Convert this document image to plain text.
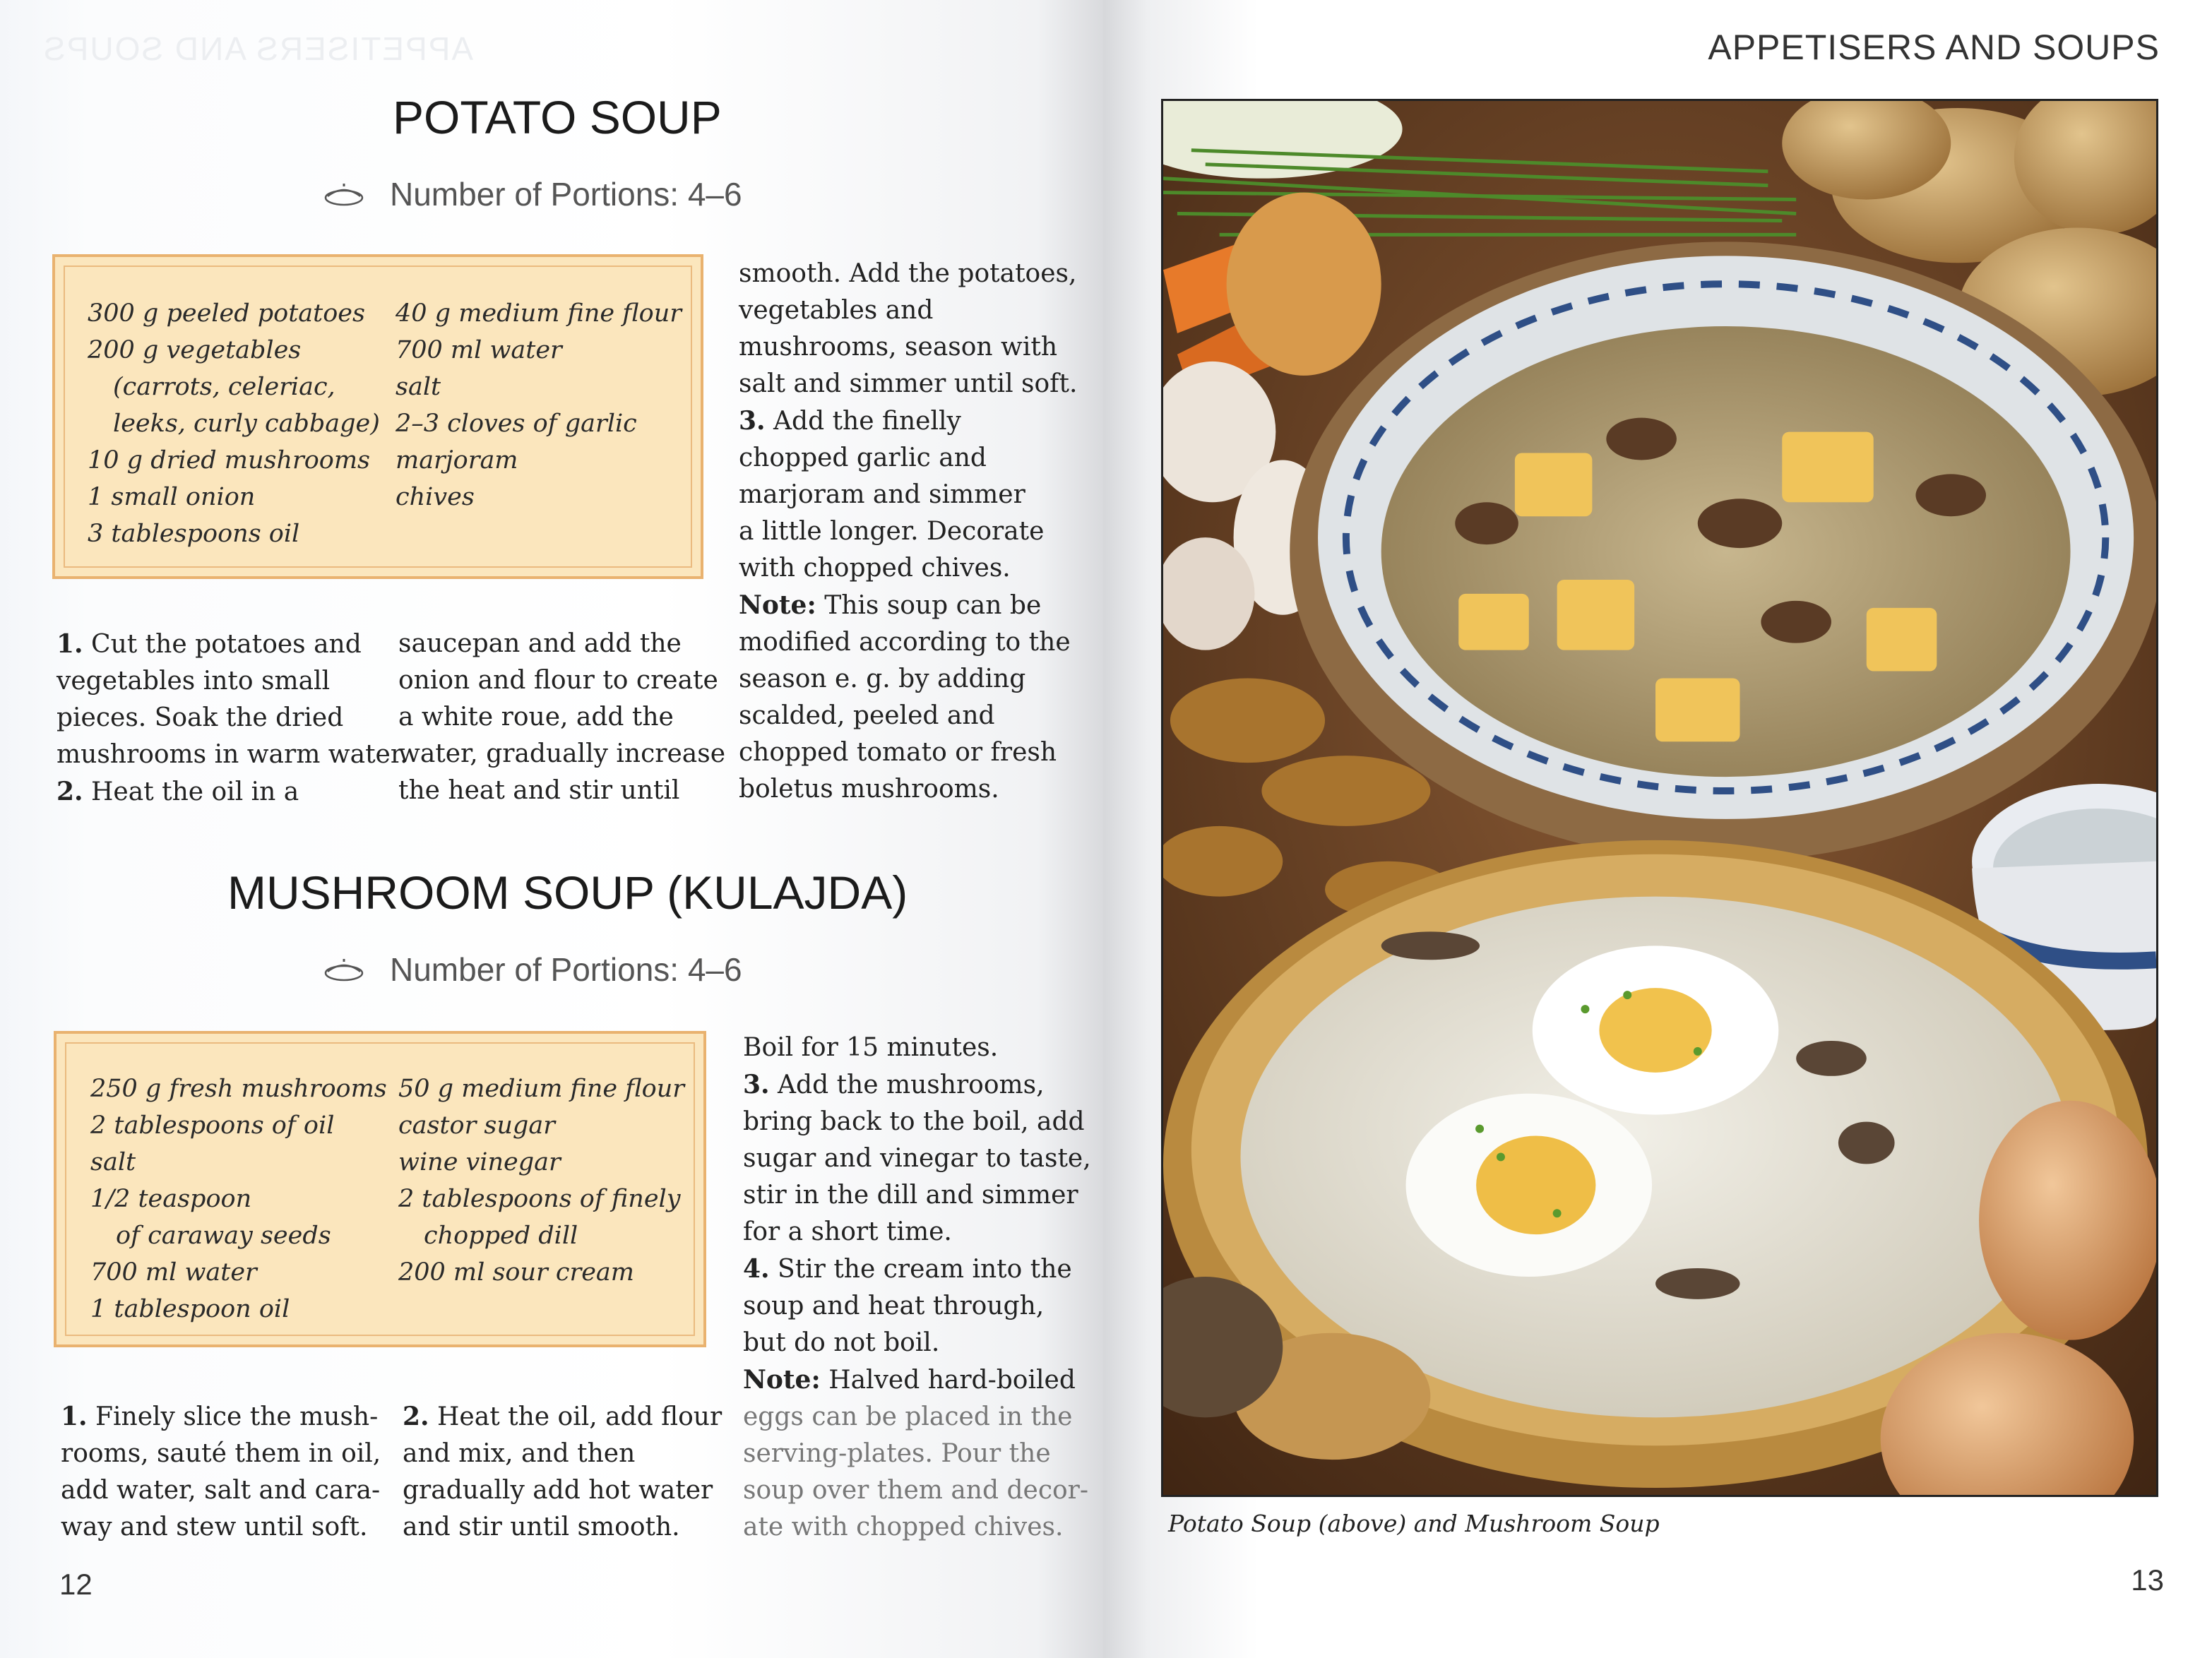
APPETISERS AND SOUPS
POTATO SOUP
Number of Portions: 4–6
300 g peeled potatoes
200 g vegetables
(carrots, celeriac,
leeks, curly cabbage)
10 g dried mushrooms
1 small onion
3 tablespoons oil
40 g medium fine flour
700 ml water
salt
2–3 cloves of garlic
marjoram
chives
1. Cut the potatoes and
vegetables into small
pieces. Soak the dried
mushrooms in warm water.
2. Heat the oil in a
saucepan and add the
onion and flour to create
a white roue, add the
water, gradually increase
the heat and stir until
smooth. Add the potatoes,
vegetables and
mushrooms, season with
salt and simmer until soft.
3. Add the finelly
chopped garlic and
marjoram and simmer
a little longer. Decorate
with chopped chives.
Note: This soup can be
modified according to the
season e. g. by adding
scalded, peeled and
chopped tomato or fresh
boletus mushrooms.
MUSHROOM SOUP (KULAJDA)
Number of Portions: 4–6
250 g fresh mushrooms
2 tablespoons of oil
salt
1/2 teaspoon
of caraway seeds
700 ml water
1 tablespoon oil
50 g medium fine flour
castor sugar
wine vinegar
2 tablespoons of finely
chopped dill
200 ml sour cream
1. Finely slice the mush-
rooms, sauté them in oil,
add water, salt and cara-
way and stew until soft.
2. Heat the oil, add flour
and mix, and then
gradually add hot water
and stir until smooth.
Boil for 15 minutes.
3. Add the mushrooms,
bring back to the boil, add
sugar and vinegar to taste,
stir in the dill and simmer
for a short time.
4. Stir the cream into the
soup and heat through,
but do not boil.
Note: Halved hard-boiled
eggs can be placed in the
serving-plates. Pour the
soup over them and decor-
ate with chopped chives.
12
APPETISERS AND SOUPS
13
Potato Soup (above) and Mushroom Soup
